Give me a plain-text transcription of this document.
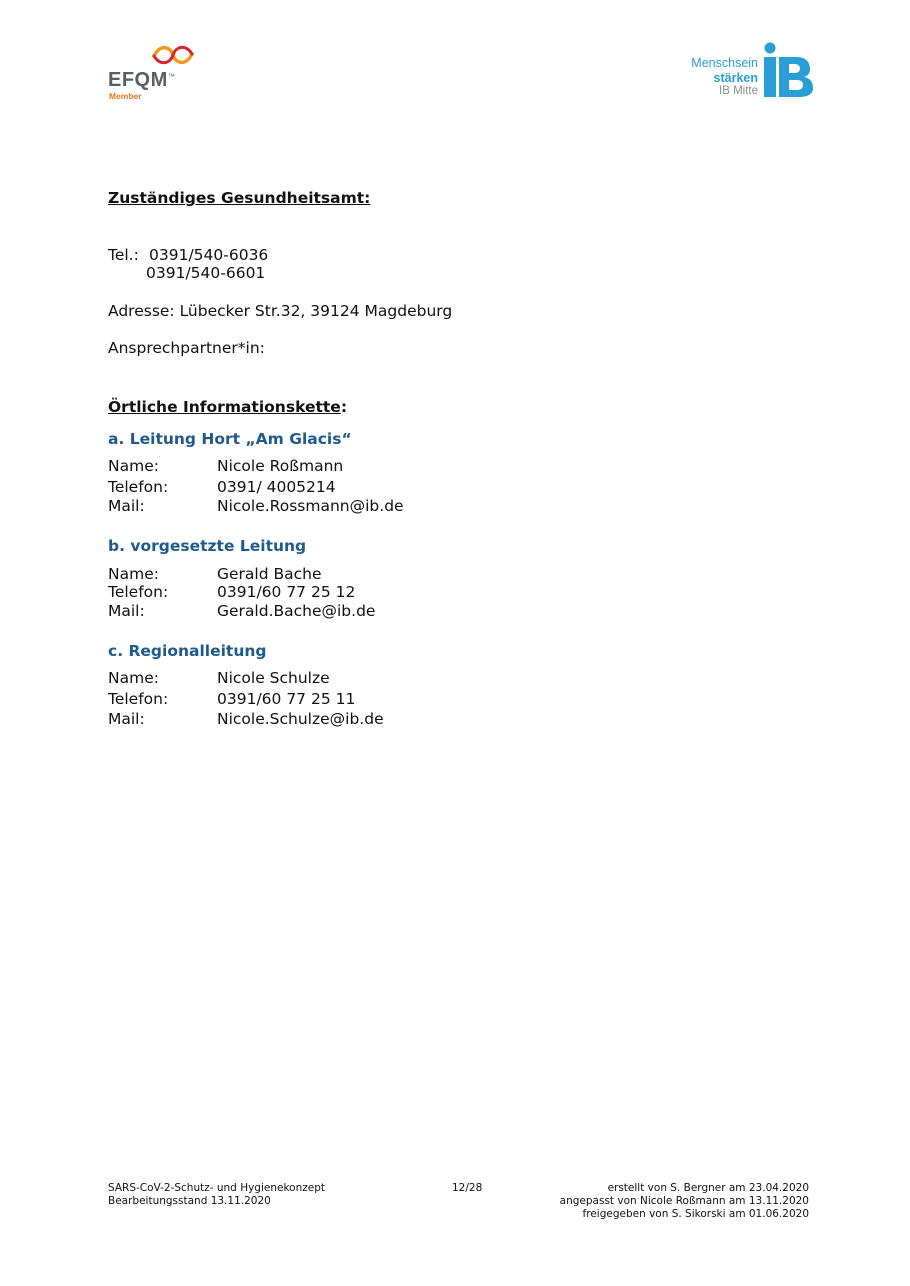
EFQM™
Member
Menschsein
stärken
IB Mitte
Zuständiges Gesundheitsamt:
Tel.: 0391/540-6036
0391/540-6601
Adresse: Lübecker Str.32, 39124 Magdeburg
Ansprechpartner*in:
Örtliche Informationskette:
a. Leitung Hort „Am Glacis“
Name:	Nicole Roßmann
Telefon:	0391/ 4005214
Mail:	Nicole.Rossmann@ib.de
b. vorgesetzte Leitung
Name:	Gerald Bache
Telefon:	0391/60 77 25 12
Mail:	Gerald.Bache@ib.de
c. Regionalleitung
Name:	Nicole Schulze
Telefon:	0391/60 77 25 11
Mail:	Nicole.Schulze@ib.de
SARS-CoV-2-Schutz- und Hygienekonzept
Bearbeitungsstand 13.11.2020
12/28	erstellt von S. Bergner am 23.04.2020
angepasst von Nicole Roßmann am 13.11.2020
freigegeben von S. Sikorski am 01.06.2020
